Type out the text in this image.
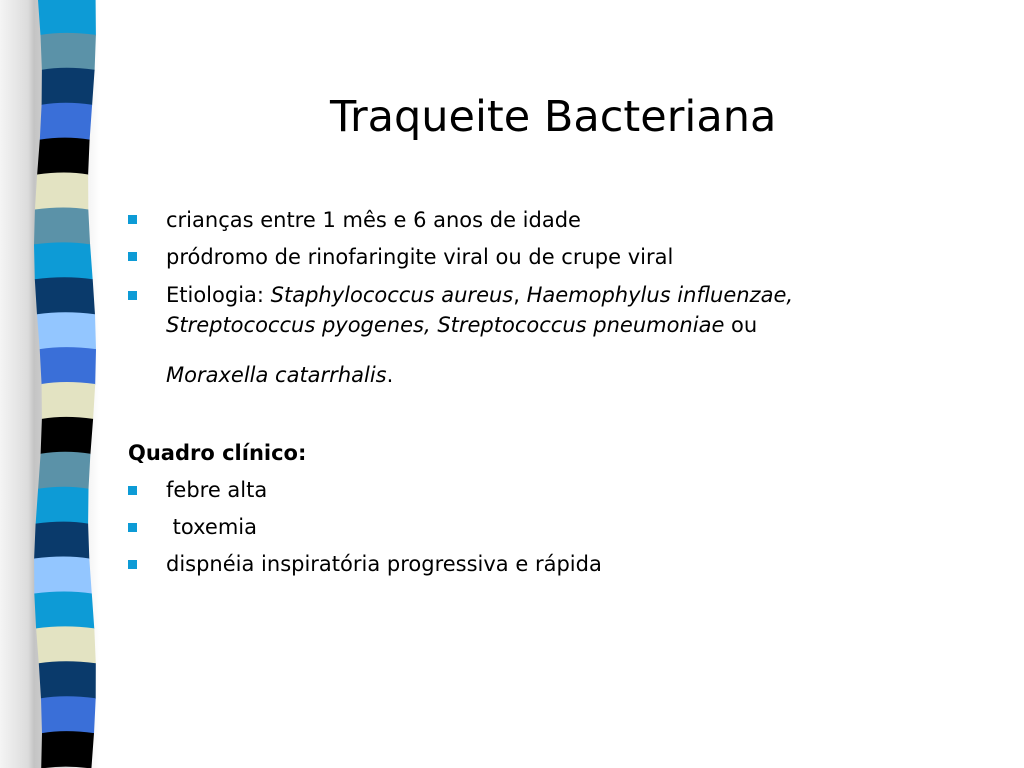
Traqueite Bacteriana
crianças entre 1 mês e 6 anos de idade
pródromo de rinofaringite viral ou de crupe viral
Etiologia: Staphylococcus aureus, Haemophylus influenzae,
Streptococcus pyogenes, Streptococcus pneumoniae ou
Moraxella catarrhalis.
Quadro clínico:
febre alta
toxemia
dispnéia inspiratória progressiva e rápida
